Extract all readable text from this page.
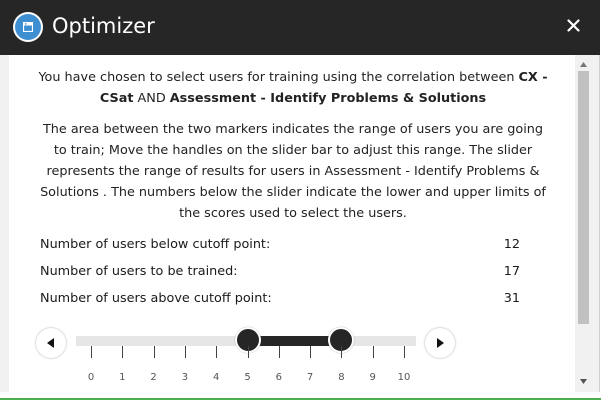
Optimizer
You have chosen to select users for training using the correlation between CX - CSat AND Assessment - Identify Problems & Solutions
The area between the two markers indicates the range of users you are going to train; Move the handles on the slider bar to adjust this range. The slider represents the range of results for users in Assessment - Identify Problems & Solutions . The numbers below the slider indicate the lower and upper limits of the scores used to select the users.
Number of users below cutoff point:	12
Number of users to be trained:	17
Number of users above cutoff point:	31
0	1	2	3	4	5	6	7	8	9	10
